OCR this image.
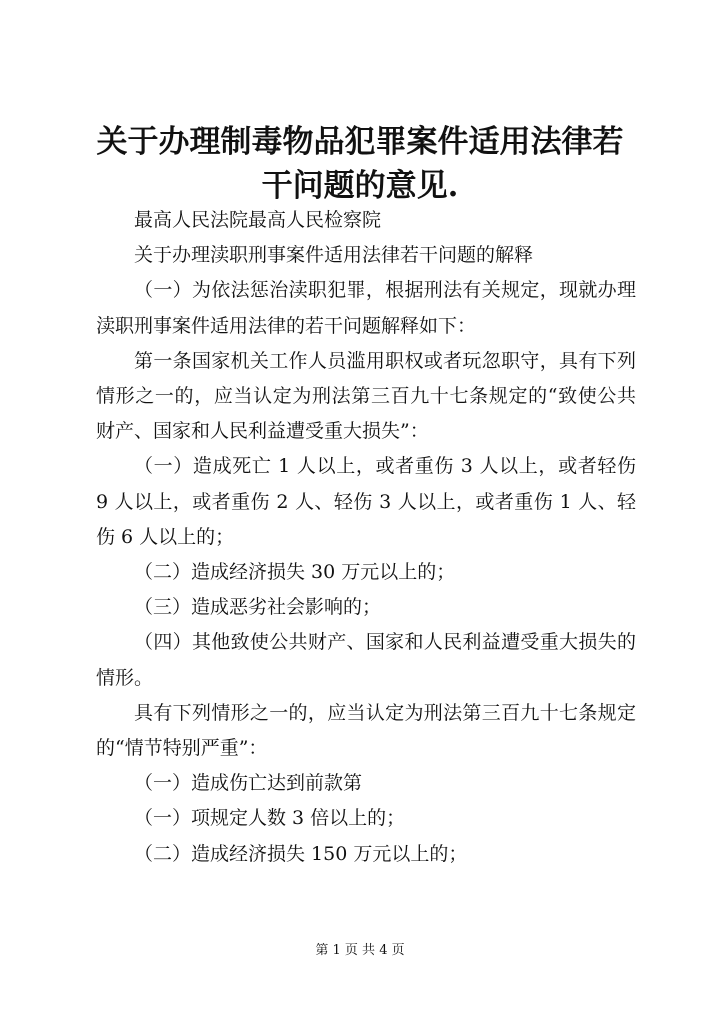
关于办理制毒物品犯罪案件适用法律若干问题的意见.

最高人民法院最高人民检察院

关于办理渎职刑事案件适用法律若干问题的解释

（一）为依法惩治渎职犯罪，根据刑法有关规定，现就办理渎职刑事案件适用法律的若干问题解释如下：

第一条国家机关工作人员滥用职权或者玩忽职守，具有下列情形之一的，应当认定为刑法第三百九十七条规定的“致使公共财产、国家和人民利益遭受重大损失”：

（一）造成死亡 1 人以上，或者重伤 3 人以上，或者轻伤 9 人以上，或者重伤 2 人、轻伤 3 人以上，或者重伤 1 人、轻伤 6 人以上的；

（二）造成经济损失 30 万元以上的；

（三）造成恶劣社会影响的；

（四）其他致使公共财产、国家和人民利益遭受重大损失的情形。

具有下列情形之一的，应当认定为刑法第三百九十七条规定的“情节特别严重”：

（一）造成伤亡达到前款第

（一）项规定人数 3 倍以上的；

（二）造成经济损失 150 万元以上的；

第 1 页 共 4 页
